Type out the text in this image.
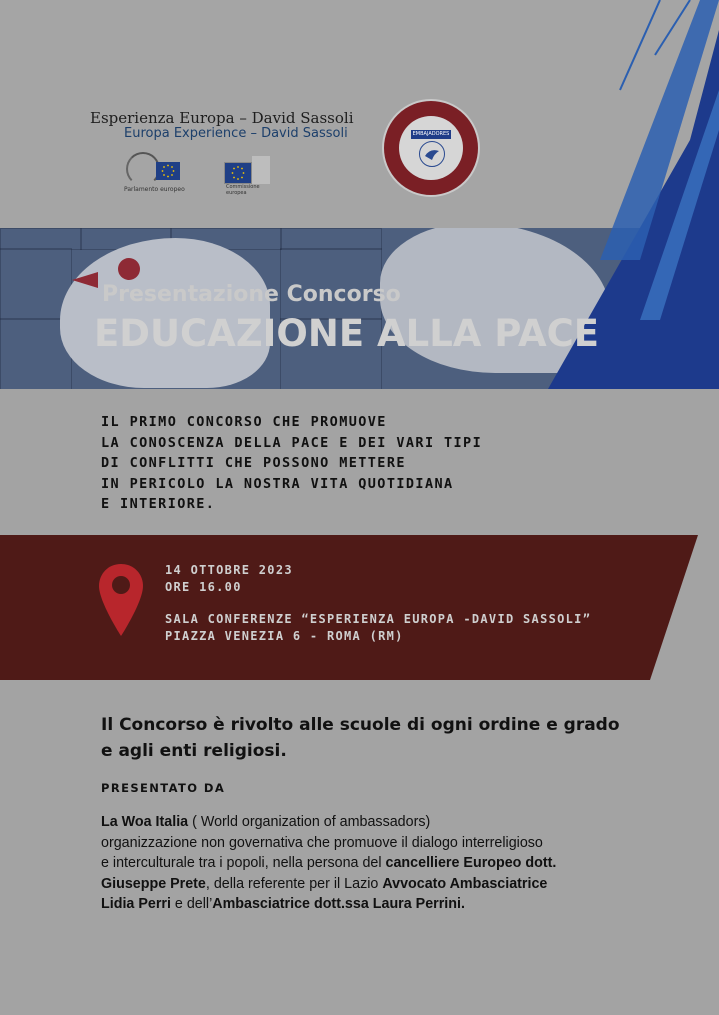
Esperienza Europa – David Sassoli
Europa Experience – David Sassoli
Parlamento europeo	Commissione europea
EMBAJADORES
Presentazione Concorso
EDUCAZIONE ALLA PACE
IL PRIMO CONCORSO CHE PROMUOVE
LA CONOSCENZA DELLA PACE E DEI VARI TIPI
DI CONFLITTI CHE POSSONO METTERE
IN PERICOLO LA NOSTRA VITA QUOTIDIANA
E INTERIORE.
14 OTTOBRE 2023
ORE 16.00
SALA CONFERENZE “ESPERIENZA EUROPA -DAVID SASSOLI”
PIAZZA VENEZIA 6 - ROMA (RM)
Il Concorso è rivolto alle scuole di ogni ordine e grado
e agli enti religiosi.
PRESENTATO DA
La Woa Italia ( World organization of ambassadors)
organizzazione non governativa che promuove il dialogo interreligioso
e interculturale tra i popoli, nella persona del cancelliere Europeo dott.
Giuseppe Prete, della referente per il Lazio Avvocato Ambasciatrice
Lidia Perri e dell’Ambasciatrice dott.ssa Laura Perrini.
